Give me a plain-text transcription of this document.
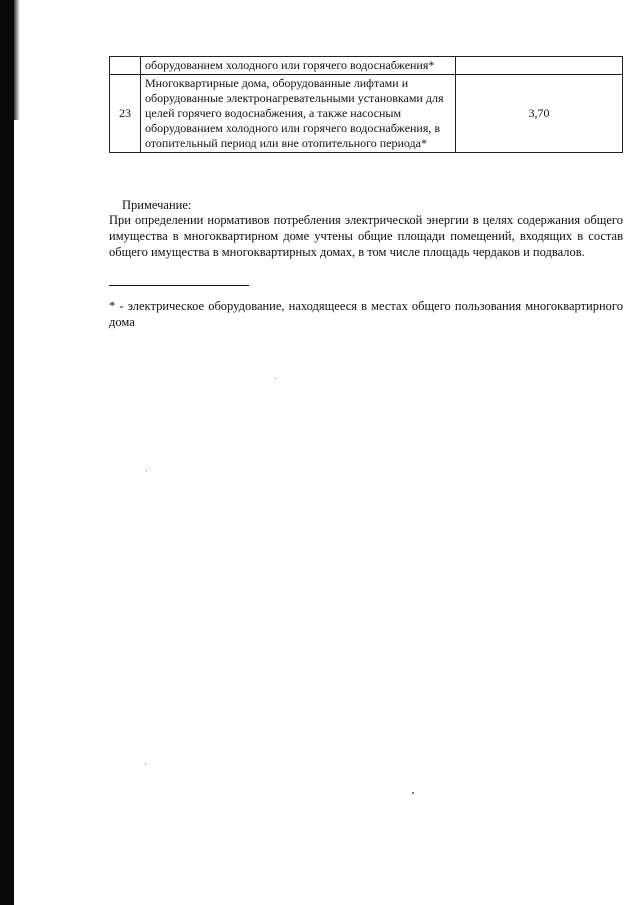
	оборудованием холодного или горячего водоснабжения*	
23	Многоквартирные дома, оборудованные лифтами и оборудованные электронагревательными установками для целей горячего водоснабжения, а также насосным оборудованием холодного или горячего водоснабжения, в отопительный период или вне отопительного периода*	3,70
Примечание:
При определении нормативов потребления электрической энергии в целях содержания общего имущества в многоквартирном доме учтены общие площади помещений, входящих в состав общего имущества в многоквартирных домах, в том числе площадь чердаков и подвалов.
* - электрическое оборудование, находящееся в местах общего пользования многоквартирного дома
